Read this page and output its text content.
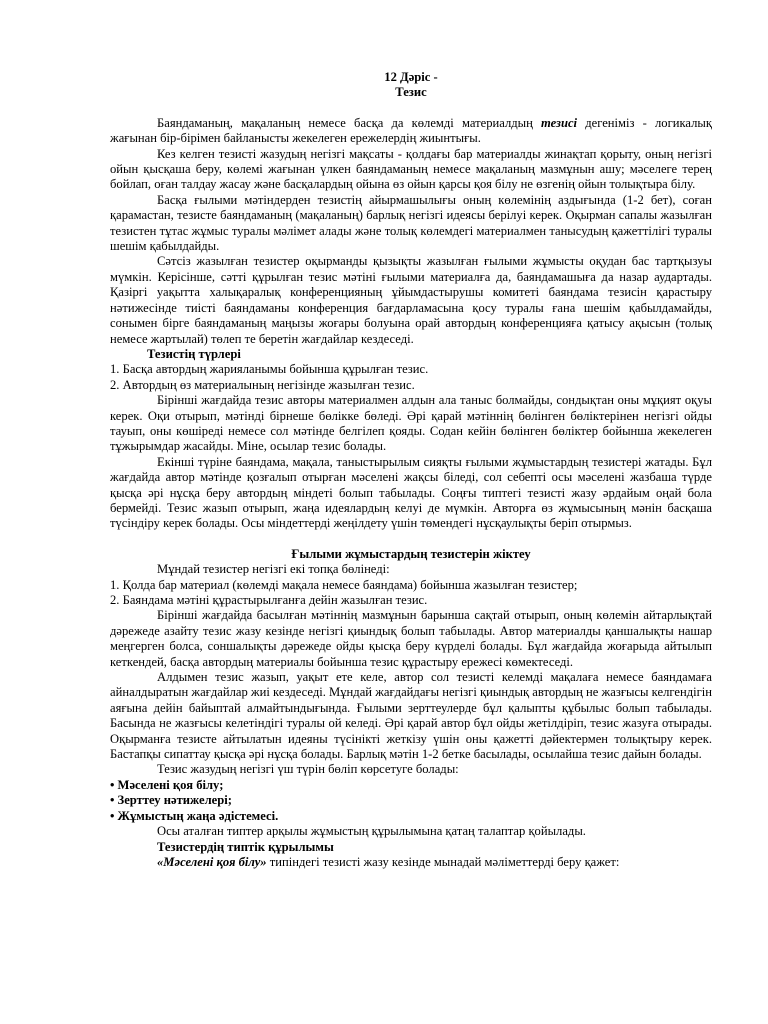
12 Дәріс -
Тезис

Баяндаманың, мақаланың немесе басқа да көлемді материалдың тезисі дегеніміз - логикалық жағынан бір-бірімен байланысты жекелеген ережелердің жиынтығы.

Кез келген тезисті жазудың негізгі мақсаты - қолдағы бар материалды жинақтап қорыту, оның негізгі ойын қысқаша беру, көлемі жағынан үлкен баяндаманың немесе мақаланың мазмұнын ашу; мәселеге терең бойлап, оған талдау жасау және басқалардың ойына өз ойын қарсы қоя білу не өзгенің ойын толықтыра білу.

Басқа ғылыми мәтіндерден тезистің айырмашылығы оның көлемінің аздығында (1-2 бет), соған қарамастан, тезисте баяндаманың (мақаланың) барлық негізгі идеясы берілуі керек. Оқырман сапалы жазылған тезистен тұтас жұмыс туралы мәлімет алады және толық көлемдегі материалмен танысудың қажеттілігі туралы шешім қабылдайды.

Сәтсіз жазылған тезистер оқырманды қызықты жазылған ғылыми жұмысты оқудан бас тартқызуы мүмкін. Керісінше, сәтті құрылған тезис мәтіні ғылыми материалға да, баяндамашыға да назар аудартады. Қазіргі уақытта халықаралық конференцияның ұйымдастырушы комитеті баяндама тезисін қарастыру нәтижесінде тиісті баяндаманы конференция бағдарламасына қосу туралы ғана шешім қабылдамайды, сонымен бірге баяндаманың маңызы жоғары болуына орай автордың конференцияға қатысу ақысын (толық немесе жартылай) төлеп те беретін жағдайлар кездеседі.

Тезистің түрлері

1. Басқа автордың жарияланымы бойынша құрылған тезис.

2. Автордың өз материалының негізінде жазылған тезис.

Бірінші жағдайда тезис авторы материалмен алдын ала таныс болмайды, сондықтан оны мұқият оқуы керек. Оқи отырып, мәтінді бірнеше бөлікке бөледі. Әрі қарай мәтіннің бөлінген бөліктерінен негізгі ойды тауып, оны көшіреді немесе сол мәтінде белгілеп қояды. Содан кейін бөлінген бөліктер бойынша жекелеген тұжырымдар жасайды. Міне, осылар тезис болады.

Екінші түріне баяндама, мақала, таныстырылым сияқты ғылыми жұмыстардың тезистері жатады. Бұл жағдайда автор мәтінде қозғалып отырған мәселені жақсы біледі, сол себепті осы мәселені жазбаша түрде қысқа әрі нұсқа беру автордың міндеті болып табылады. Соңғы типтегі тезисті жазу әрдайым оңай бола бермейді. Тезис жазып отырып, жаңа идеялардың келуі де мүмкін. Авторға өз жұмысының мәнін басқаша түсіндіру керек болады. Осы міндеттерді жеңілдету үшін төмендегі нұсқаулықты беріп отырмыз.

Ғылыми жұмыстардың тезистерін жіктеу

Мұндай тезистер негізгі екі топқа бөлінеді:

1. Қолда бар материал (көлемді мақала немесе баяндама) бойынша жазылған тезистер;

2. Баяндама мәтіні құрастырылғанға дейін жазылған тезис.

Бірінші жағдайда басылған мәтіннің мазмұнын барынша сақтай отырып, оның көлемін айтарлықтай дәрежеде азайту тезис жазу кезінде негізгі қиындық болып табылады. Автор материалды қаншалықты нашар меңгерген болса, соншалықты дәрежеде ойды қысқа беру күрделі болады. Бұл жағдайда жоғарыда айтылып кеткендей, басқа автордың материалы бойынша тезис құрастыру ережесі көмектеседі.

Алдымен тезис жазып, уақыт ете келе, автор сол тезисті келемді мақалаға немесе баяндамаға айналдыратын жағдайлар жиі кездеседі. Мұндай жағдайдағы негізгі қиындық автордың не жазғысы келгендігін аяғына дейін байыптай алмайтындығында. Ғылыми зерттеулерде бұл қалыпты құбылыс болып табылады. Басында не жазғысы келетіндігі туралы ой келеді. Әрі қарай автор бұл ойды жетілдіріп, тезис жазуға отырады. Оқырманға тезисте айтылатын идеяны түсінікті жеткізу үшін оны қажетті дәйектермен толықтыру керек. Бастапқы сипаттау қысқа әрі нұсқа болады. Барлық мәтін 1-2 бетке басылады, осылайша тезис дайын болады.

Тезис жазудың негізгі үш түрін бөліп көрсетуге болады:

• Мәселені қоя білу;

• Зерттеу нәтижелері;

• Жұмыстың жаңа әдістемесі.

Осы аталған типтер арқылы жұмыстың құрылымына қатаң талаптар қойылады.

Тезистердің типтік құрылымы

«Мәселені қоя білу» типіндегі тезисті жазу кезінде мынадай мәліметтерді беру қажет:
